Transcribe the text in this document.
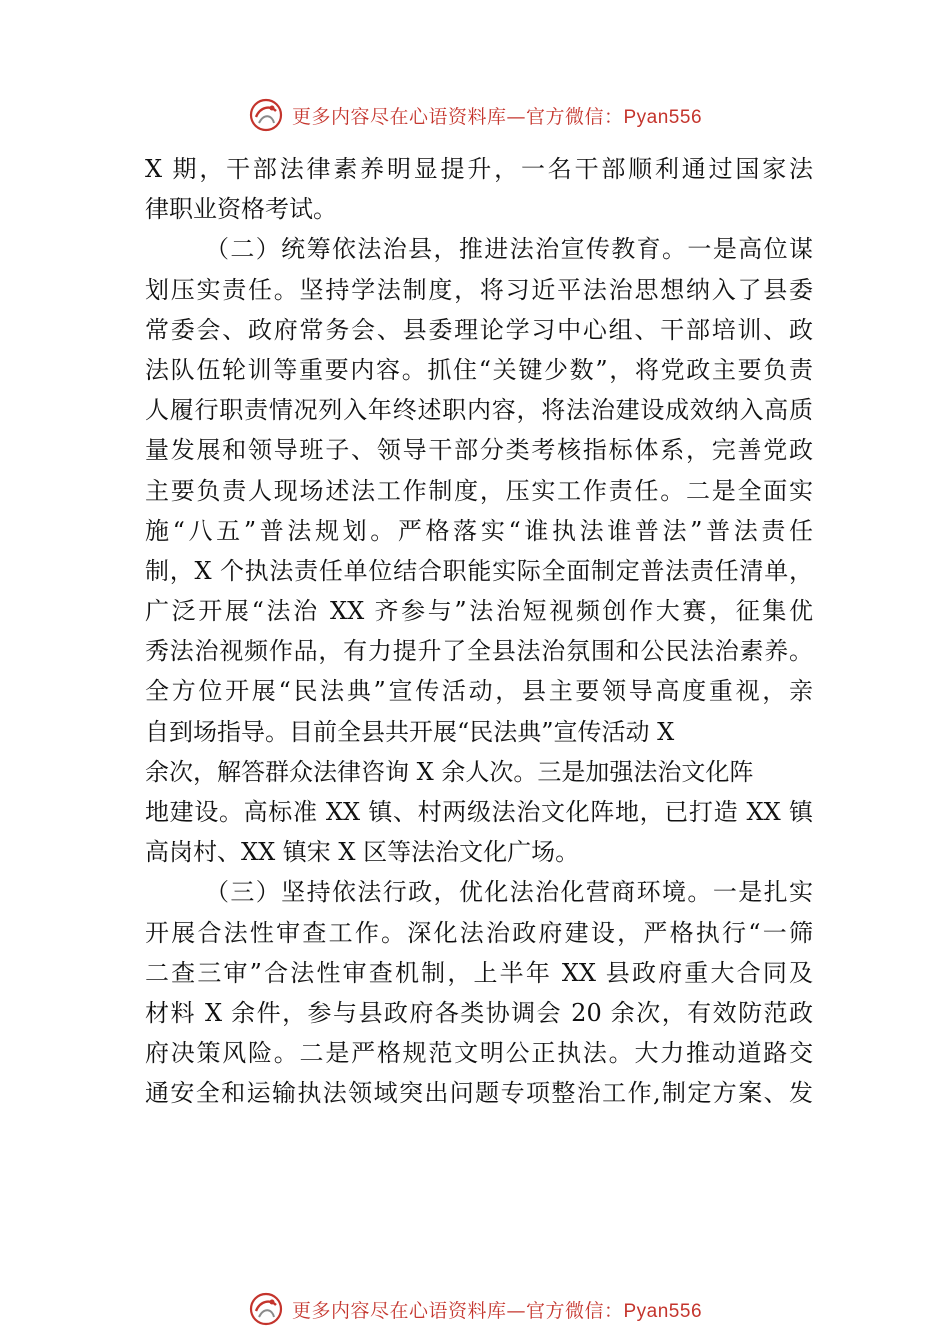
更多内容尽在心语资料库—官方微信：Pyan556
X 期，干部法律素养明显提升，一名干部顺利通过国家法
律职业资格考试。
（二）统筹依法治县，推进法治宣传教育。一是高位谋
划压实责任。坚持学法制度，将习近平法治思想纳入了县委
常委会、政府常务会、县委理论学习中心组、干部培训、政
法队伍轮训等重要内容。抓住“关键少数”，将党政主要负责
人履行职责情况列入年终述职内容，将法治建设成效纳入高质
量发展和领导班子、领导干部分类考核指标体系，完善党政
主要负责人现场述法工作制度，压实工作责任。二是全面实
施“八五”普法规划。严格落实“谁执法谁普法”普法责任
制，X 个执法责任单位结合职能实际全面制定普法责任清单，
广泛开展“法治 XX 齐参与”法治短视频创作大赛，征集优
秀法治视频作品，有力提升了全县法治氛围和公民法治素养。
全方位开展“民法典”宣传活动，县主要领导高度重视，亲
自到场指导。目前全县共开展“民法典”宣传活动 X
余次，解答群众法律咨询 X 余人次。三是加强法治文化阵
地建设。高标准 XX 镇、村两级法治文化阵地，已打造 XX 镇
高岗村、XX 镇宋 X 区等法治文化广场。
（三）坚持依法行政，优化法治化营商环境。一是扎实
开展合法性审查工作。深化法治政府建设，严格执行“一筛
二查三审”合法性审查机制，上半年 XX 县政府重大合同及
材料 X 余件，参与县政府各类协调会 20 余次，有效防范政
府决策风险。二是严格规范文明公正执法。大力推动道路交
通安全和运输执法领域突出问题专项整治工作,制定方案、发
更多内容尽在心语资料库—官方微信：Pyan556
